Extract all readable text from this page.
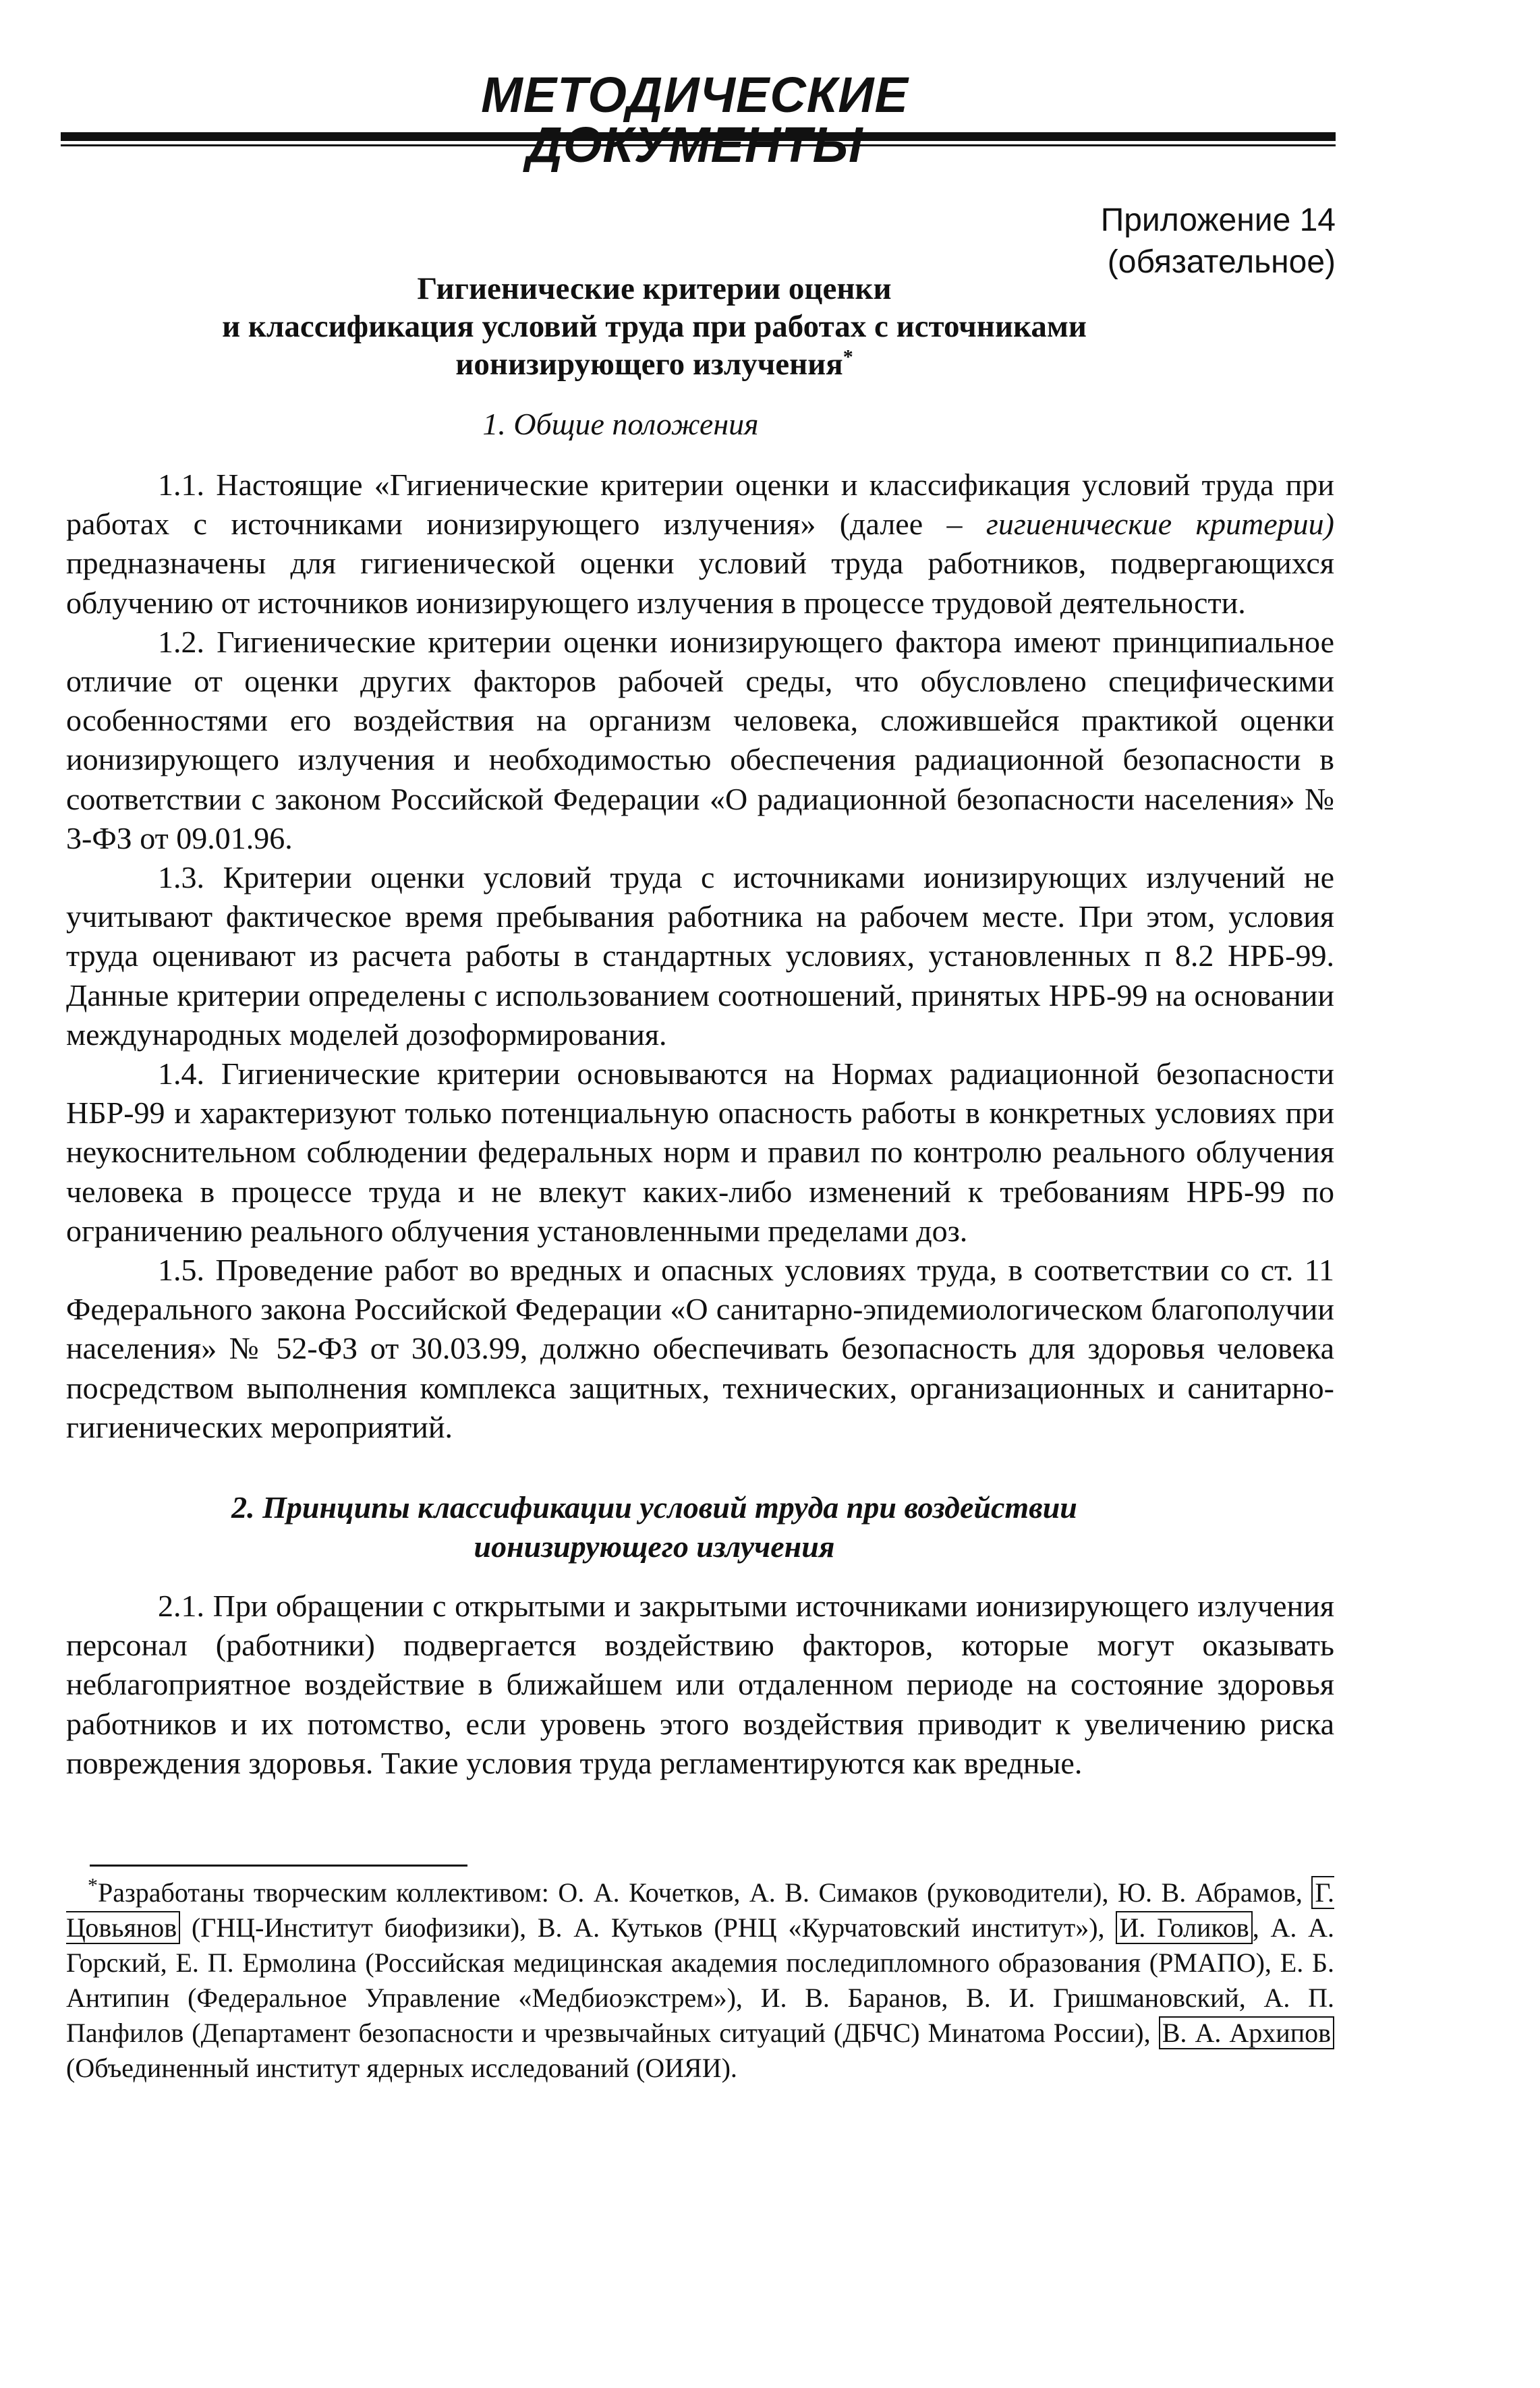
МЕТОДИЧЕСКИЕ
Приложение 14
(обязательное)
Гигиенические критерии оценки
и классификация условий труда при работах с источниками
ионизирующего излучения*
1. Общие положения

1.1. Настоящие «Гигиенические критерии оценки и классификация условий труда при работах с источниками ионизирующего излучения» (далее – гигиенические критерии) предназначены для гигиенической оценки условий труда работников, подвергающихся облучению от источников ионизирующего излучения в процессе трудовой деятельности.

1.2. Гигиенические критерии оценки ионизирующего фактора имеют принципиальное отличие от оценки других факторов рабочей среды, что обусловлено специфическими особенностями его воздействия на организм человека, сложившейся практикой оценки ионизирующего излучения и необходимостью обеспечения радиационной безопасности в соответствии с законом Российской Федерации «О радиационной безопасности населения» № 3-ФЗ от 09.01.96.

1.3. Критерии оценки условий труда с источниками ионизирующих излучений не учитывают фактическое время пребывания работника на рабочем месте. При этом, условия труда оценивают из расчета работы в стандартных условиях, установленных п 8.2 НРБ-99. Данные критерии определены с использованием соотношений, принятых НРБ-99 на основании международных моделей дозоформирования.

1.4. Гигиенические критерии основываются на Нормах радиационной безопасности НБР-99 и характеризуют только потенциальную опасность работы в конкретных условиях при неукоснительном соблюдении федеральных норм и правил по контролю реального облучения человека в процессе труда и не влекут каких-либо изменений к требованиям НРБ-99 по ограничению реального облучения установленными пределами доз.

1.5. Проведение работ во вредных и опасных условиях труда, в соответствии со ст. 11 Федерального закона Российской Федерации «О санитарно-эпидемиологическом благополучии населения» № 52-ФЗ от 30.03.99, должно обеспечивать безопасность для здоровья человека посредством выполнения комплекса защитных, технических, организационных и санитарно-гигиенических мероприятий.

2. Принципы классификации условий труда при воздействии
ионизирующего излучения

2.1. При обращении с открытыми и закрытыми источниками ионизирующего излучения персонал (работники) подвергается воздействию факторов, которые могут оказывать неблагоприятное воздействие в ближайшем или отдаленном периоде на состояние здоровья работников и их потомство, если уровень этого воздействия приводит к увеличению риска повреждения здоровья. Такие условия труда регламентируются как вредные.

*Разработаны творческим коллективом: О. А. Кочетков, А. В. Симаков (руководители), Ю. В. Абрамов, Г. Цовьянов (ГНЦ-Институт биофизики), В. А. Кутьков (РНЦ «Курчатовский институт»), И. Голиков , А. А. Горский, Е. П. Ермолина (Российская медицинская академия последипломного образования (РМАПО), Е. Б. Антипин (Федеральное Управление «Медбиоэкстрем»), И. В. Баранов, В. И. Гришмановский, А. П. Панфилов (Департамент безопасности и чрезвычайных ситуаций (ДБЧС) Минатома России), В. А. Архипов (Объединенный институт ядерных исследований (ОИЯИ).
